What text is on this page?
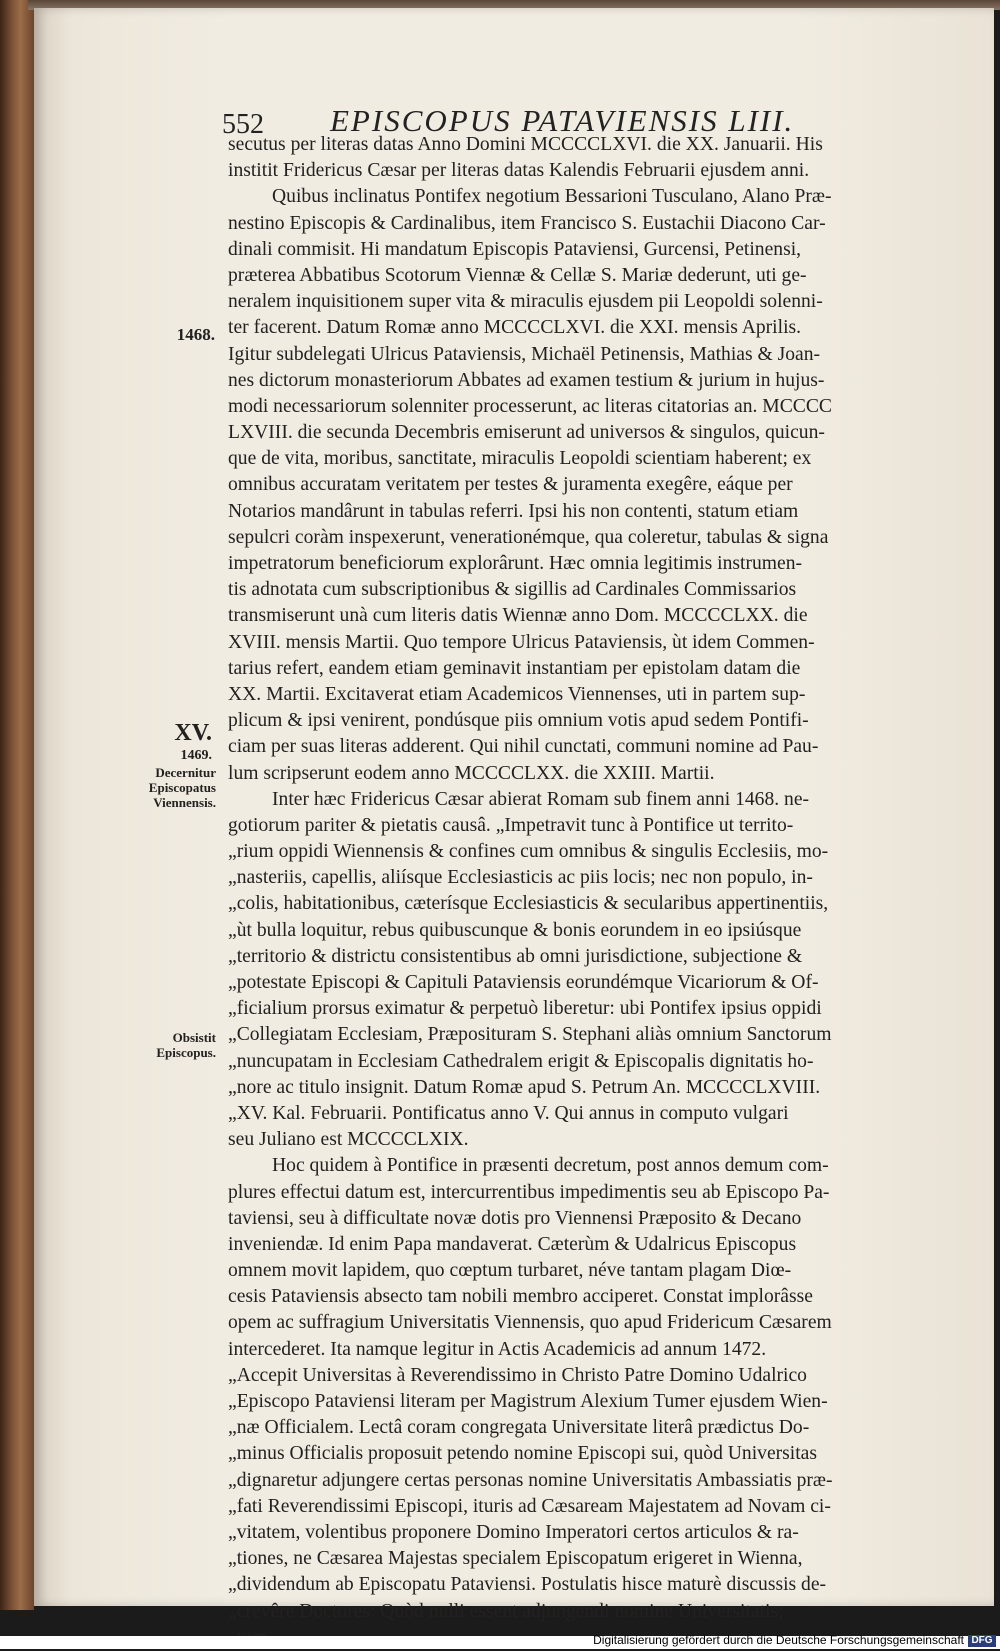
552 EPISCOPUS PATAVIENSIS LIII.
1468.
XV.
1469.
Decernitur Episcopatus Viennensis.
Obsistit Episcopus.
secutus per literas datas Anno Domini MCCCCLXVI. die XX. Januarii. His
institit Fridericus Cæsar per literas datas Kalendis Februarii ejusdem anni.
Quibus inclinatus Pontifex negotium Bessarioni Tusculano, Alano Præ-
nestino Episcopis & Cardinalibus, item Francisco S. Eustachii Diacono Car-
dinali commisit. Hi mandatum Episcopis Pataviensi, Gurcensi, Petinensi,
præterea Abbatibus Scotorum Viennæ & Cellæ S. Mariæ dederunt, uti ge-
neralem inquisitionem super vita & miraculis ejusdem pii Leopoldi solenni-
ter facerent. Datum Romæ anno MCCCCLXVI. die XXI. mensis Aprilis.
Igitur subdelegati Ulricus Pataviensis, Michaël Petinensis, Mathias & Joan-
nes dictorum monasteriorum Abbates ad examen testium & jurium in hujus-
modi necessariorum solenniter processerunt, ac literas citatorias an. MCCCC
LXVIII. die secunda Decembris emiserunt ad universos & singulos, quicun-
que de vita, moribus, sanctitate, miraculis Leopoldi scientiam haberent; ex
omnibus accuratam veritatem per testes & juramenta exegêre, eáque per
Notarios mandârunt in tabulas referri. Ipsi his non contenti, statum etiam
sepulcri coràm inspexerunt, venerationémque, qua coleretur, tabulas & signa
impetratorum beneficiorum explorârunt. Hæc omnia legitimis instrumen-
tis adnotata cum subscriptionibus & sigillis ad Cardinales Commissarios
transmiserunt unà cum literis datis Wiennæ anno Dom. MCCCCLXX. die
XVIII. mensis Martii. Quo tempore Ulricus Pataviensis, ùt idem Commen-
tarius refert, eandem etiam geminavit instantiam per epistolam datam die
XX. Martii. Excitaverat etiam Academicos Viennenses, uti in partem sup-
plicum & ipsi venirent, pondúsque piis omnium votis apud sedem Pontifi-
ciam per suas literas adderent. Qui nihil cunctati, communi nomine ad Pau-
lum scripserunt eodem anno MCCCCLXX. die XXIII. Martii.
Inter hæc Fridericus Cæsar abierat Romam sub finem anni 1468. ne-
gotiorum pariter & pietatis causâ. „Impetravit tunc à Pontifice ut territo-
„rium oppidi Wiennensis & confines cum omnibus & singulis Ecclesiis, mo-
„nasteriis, capellis, aliísque Ecclesiasticis ac piis locis; nec non populo, in-
„colis, habitationibus, cæterísque Ecclesiasticis & secularibus appertinentiis,
„ùt bulla loquitur, rebus quibuscunque & bonis eorundem in eo ipsiúsque
„territorio & districtu consistentibus ab omni jurisdictione, subjectione &
„potestate Episcopi & Capituli Pataviensis eorundémque Vicariorum & Of-
„ficialium prorsus eximatur & perpetuò liberetur: ubi Pontifex ipsius oppidi
„Collegiatam Ecclesiam, Præposituram S. Stephani aliàs omnium Sanctorum
„nuncupatam in Ecclesiam Cathedralem erigit & Episcopalis dignitatis ho-
„nore ac titulo insignit. Datum Romæ apud S. Petrum An. MCCCCLXVIII.
„XV. Kal. Februarii. Pontificatus anno V. Qui annus in computo vulgari
seu Juliano est MCCCCLXIX.
Hoc quidem à Pontifice in præsenti decretum, post annos demum com-
plures effectui datum est, intercurrentibus impedimentis seu ab Episcopo Pa-
taviensi, seu à difficultate novæ dotis pro Viennensi Præposito & Decano
inveniendæ. Id enim Papa mandaverat. Cæterùm & Udalricus Episcopus
omnem movit lapidem, quo cœptum turbaret, néve tantam plagam Diœ-
cesis Pataviensis absecto tam nobili membro acciperet. Constat implorâsse
opem ac suffragium Universitatis Viennensis, quo apud Fridericum Cæsarem
intercederet. Ita namque legitur in Actis Academicis ad annum 1472.
„Accepit Universitas à Reverendissimo in Christo Patre Domino Udalrico
„Episcopo Pataviensi literam per Magistrum Alexium Tumer ejusdem Wien-
„næ Officialem. Lectâ coram congregata Universitate literâ prædictus Do-
„minus Officialis proposuit petendo nomine Episcopi sui, quòd Universitas
„dignaretur adjungere certas personas nomine Universitatis Ambassiatis præ-
„fati Reverendissimi Episcopi, ituris ad Cæsaream Majestatem ad Novam ci-
„vitatem, volentibus proponere Domino Imperatori certos articulos & ra-
„tiones, ne Cæsarea Majestas specialem Episcopatum erigeret in Wienna,
„dividendum ab Episcopatu Pataviensi. Postulatis hisce maturè discussis de-
„crevêre Doctores: Quòd nulli essent adjungendi nomine Universitatis;
Digitalisierung gefördert durch die Deutsche Forschungsgemeinschaft DFG
